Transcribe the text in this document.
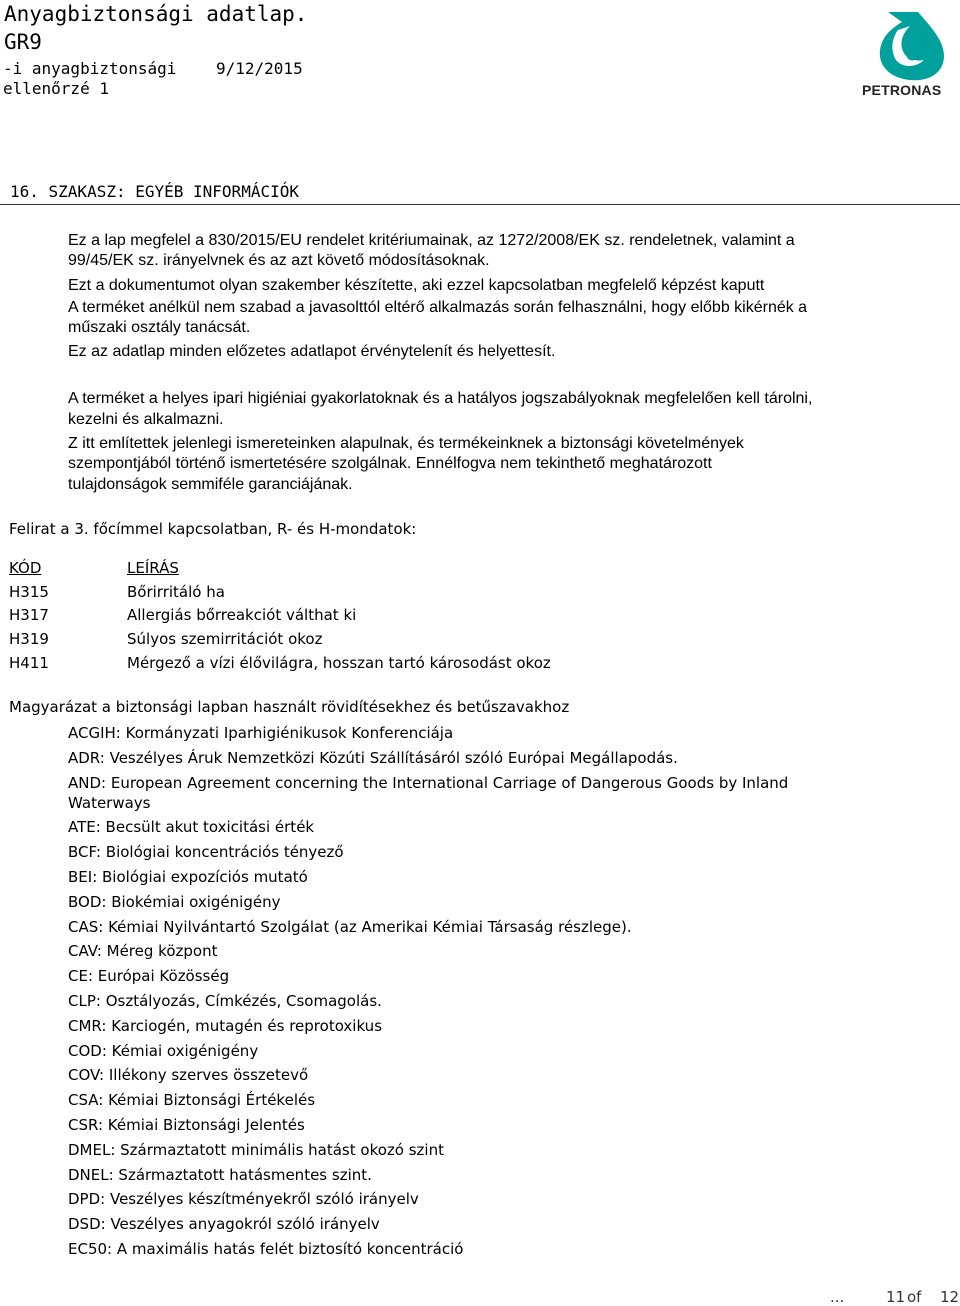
Anyagbiztonsági adatlap.
GR9
-i anyagbiztonsági 9/12/2015
ellenőrzé 1	PETRONAS
16. SZAKASZ: EGYÉB INFORMÁCIÓK
Ez a lap megfelel a 830/2015/EU rendelet kritériumainak, az 1272/2008/EK sz. rendeletnek, valamint a
99/45/EK sz. irányelvnek és az azt követő módosításoknak.
Ezt a dokumentumot olyan szakember készítette, aki ezzel kapcsolatban megfelelő képzést kaputt
A terméket anélkül nem szabad a javasolttól eltérő alkalmazás során felhasználni, hogy előbb kikérnék a
műszaki osztály tanácsát.
Ez az adatlap minden előzetes adatlapot érvénytelenít és helyettesít.
A terméket a helyes ipari higiéniai gyakorlatoknak és a hatályos jogszabályoknak megfelelően kell tárolni,
kezelni és alkalmazni.
Z itt említettek jelenlegi ismereteinken alapulnak, és termékeinknek a biztonsági követelmények
szempontjából történő ismertetésére szolgálnak. Ennélfogva nem tekinthető meghatározott
tulajdonságok semmiféle garanciájának.
Felirat a 3. főcímmel kapcsolatban, R- és H-mondatok:
KÓD
H315
H317
H319
H411
LEÍRÁS
Bőrirritáló ha
Allergiás bőrreakciót válthat ki
Súlyos szemirritációt okoz
Mérgező a vízi élővilágra, hosszan tartó károsodást okoz
Magyarázat a biztonsági lapban használt rövidítésekhez és betűszavakhoz
ACGIH: Kormányzati Iparhigiénikusok Konferenciája
ADR: Veszélyes Áruk Nemzetközi Közúti Szállításáról szóló Európai Megállapodás.
AND: European Agreement concerning the International Carriage of Dangerous Goods by Inland
Waterways
ATE: Becsült akut toxicitási érték
BCF: Biológiai koncentrációs tényező
BEI: Biológiai expozíciós mutató
BOD: Biokémiai oxigénigény
CAS: Kémiai Nyilvántartó Szolgálat (az Amerikai Kémiai Társaság részlege).
CAV: Méreg központ
CE: Európai Közösség
CLP: Osztályozás, Címkézés, Csomagolás.
CMR: Karciogén, mutagén és reprotoxikus
COD: Kémiai oxigénigény
COV: Illékony szerves összetevő
CSA: Kémiai Biztonsági Értékelés
CSR: Kémiai Biztonsági Jelentés
DMEL: Származtatott minimális hatást okozó szint
DNEL: Származtatott hatásmentes szint.
DPD: Veszélyes készítményekről szóló irányelv
DSD: Veszélyes anyagokról szóló irányelv
EC50: A maximális hatás felét biztosító koncentráció
...	11 of 12
